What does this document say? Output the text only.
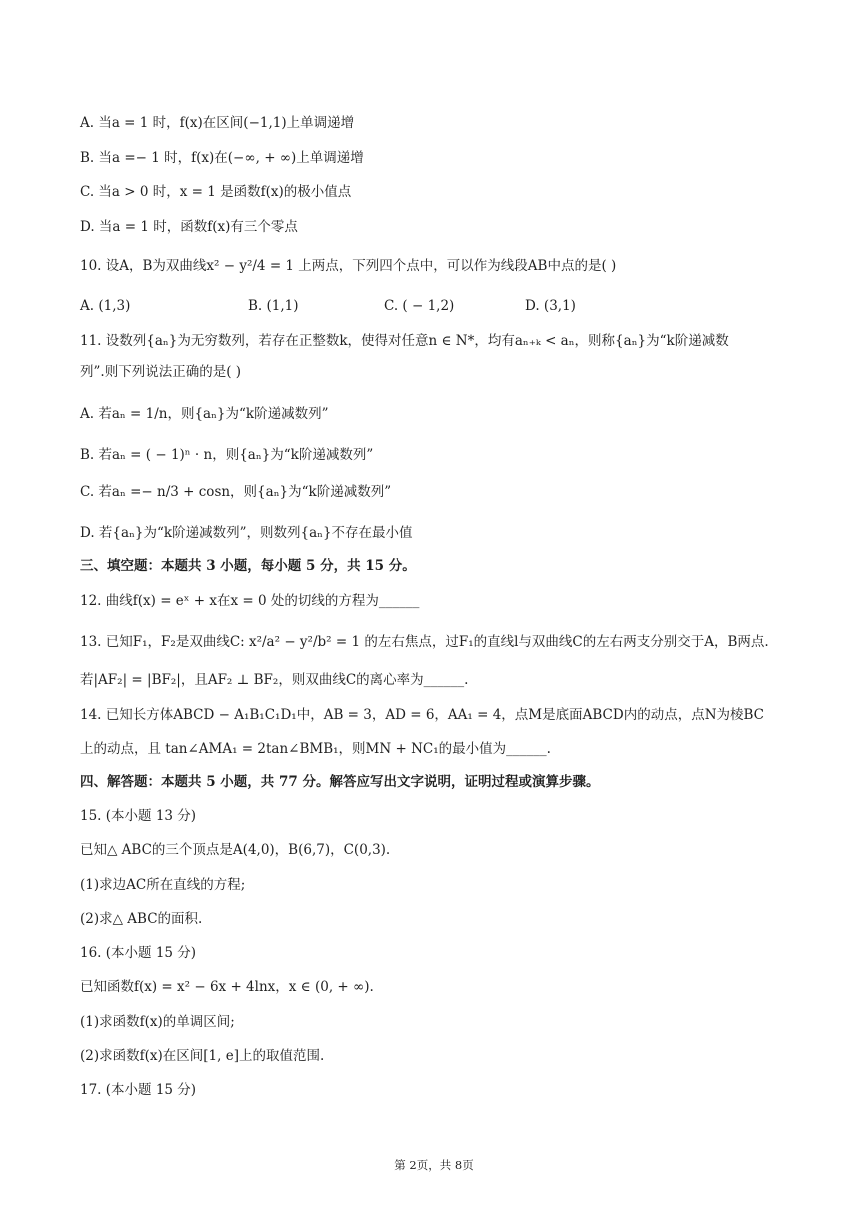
A. 当a = 1 时，f(x)在区间(−1,1)上单调递增
B. 当a =− 1 时，f(x)在(−∞, + ∞)上单调递增
C. 当a > 0 时，x = 1 是函数f(x)的极小值点
D. 当a = 1 时，函数f(x)有三个零点
10. 设A，B为双曲线x² − y²/4 = 1 上两点，下列四个点中，可以作为线段AB中点的是( )
A. (1,3)	B. (1,1)	C. ( − 1,2)	D. (3,1)
11. 设数列{aₙ}为无穷数列，若存在正整数k，使得对任意n ∈ N*，均有aₙ₊ₖ < aₙ，则称{aₙ}为“k阶递减数
列”.则下列说法正确的是( )
A. 若aₙ = 1/n，则{aₙ}为“k阶递减数列”
B. 若aₙ = ( − 1)ⁿ · n，则{aₙ}为“k阶递减数列”
C. 若aₙ =− n/3 + cosn，则{aₙ}为“k阶递减数列”
D. 若{aₙ}为“k阶递减数列”，则数列{aₙ}不存在最小值
三、填空题：本题共 3 小题，每小题 5 分，共 15 分。
12. 曲线f(x) = eˣ + x在x = 0 处的切线的方程为______
13. 已知F₁，F₂是双曲线C: x²/a² − y²/b² = 1 的左右焦点，过F₁的直线l与双曲线C的左右两支分别交于A，B两点.
若|AF₂| = |BF₂|，且AF₂ ⊥ BF₂，则双曲线C的离心率为______.
14. 已知长方体ABCD − A₁B₁C₁D₁中，AB = 3，AD = 6，AA₁ = 4，点M是底面ABCD内的动点，点N为棱BC
上的动点，且 tan∠AMA₁ = 2tan∠BMB₁，则MN + NC₁的最小值为______.
四、解答题：本题共 5 小题，共 77 分。解答应写出文字说明，证明过程或演算步骤。
15. (本小题 13 分)
已知△ ABC的三个顶点是A(4,0)，B(6,7)，C(0,3).
(1)求边AC所在直线的方程;
(2)求△ ABC的面积.
16. (本小题 15 分)
已知函数f(x) = x² − 6x + 4lnx，x ∈ (0, + ∞).
(1)求函数f(x)的单调区间;
(2)求函数f(x)在区间[1, e]上的取值范围.
17. (本小题 15 分)
第 2页，共 8页
